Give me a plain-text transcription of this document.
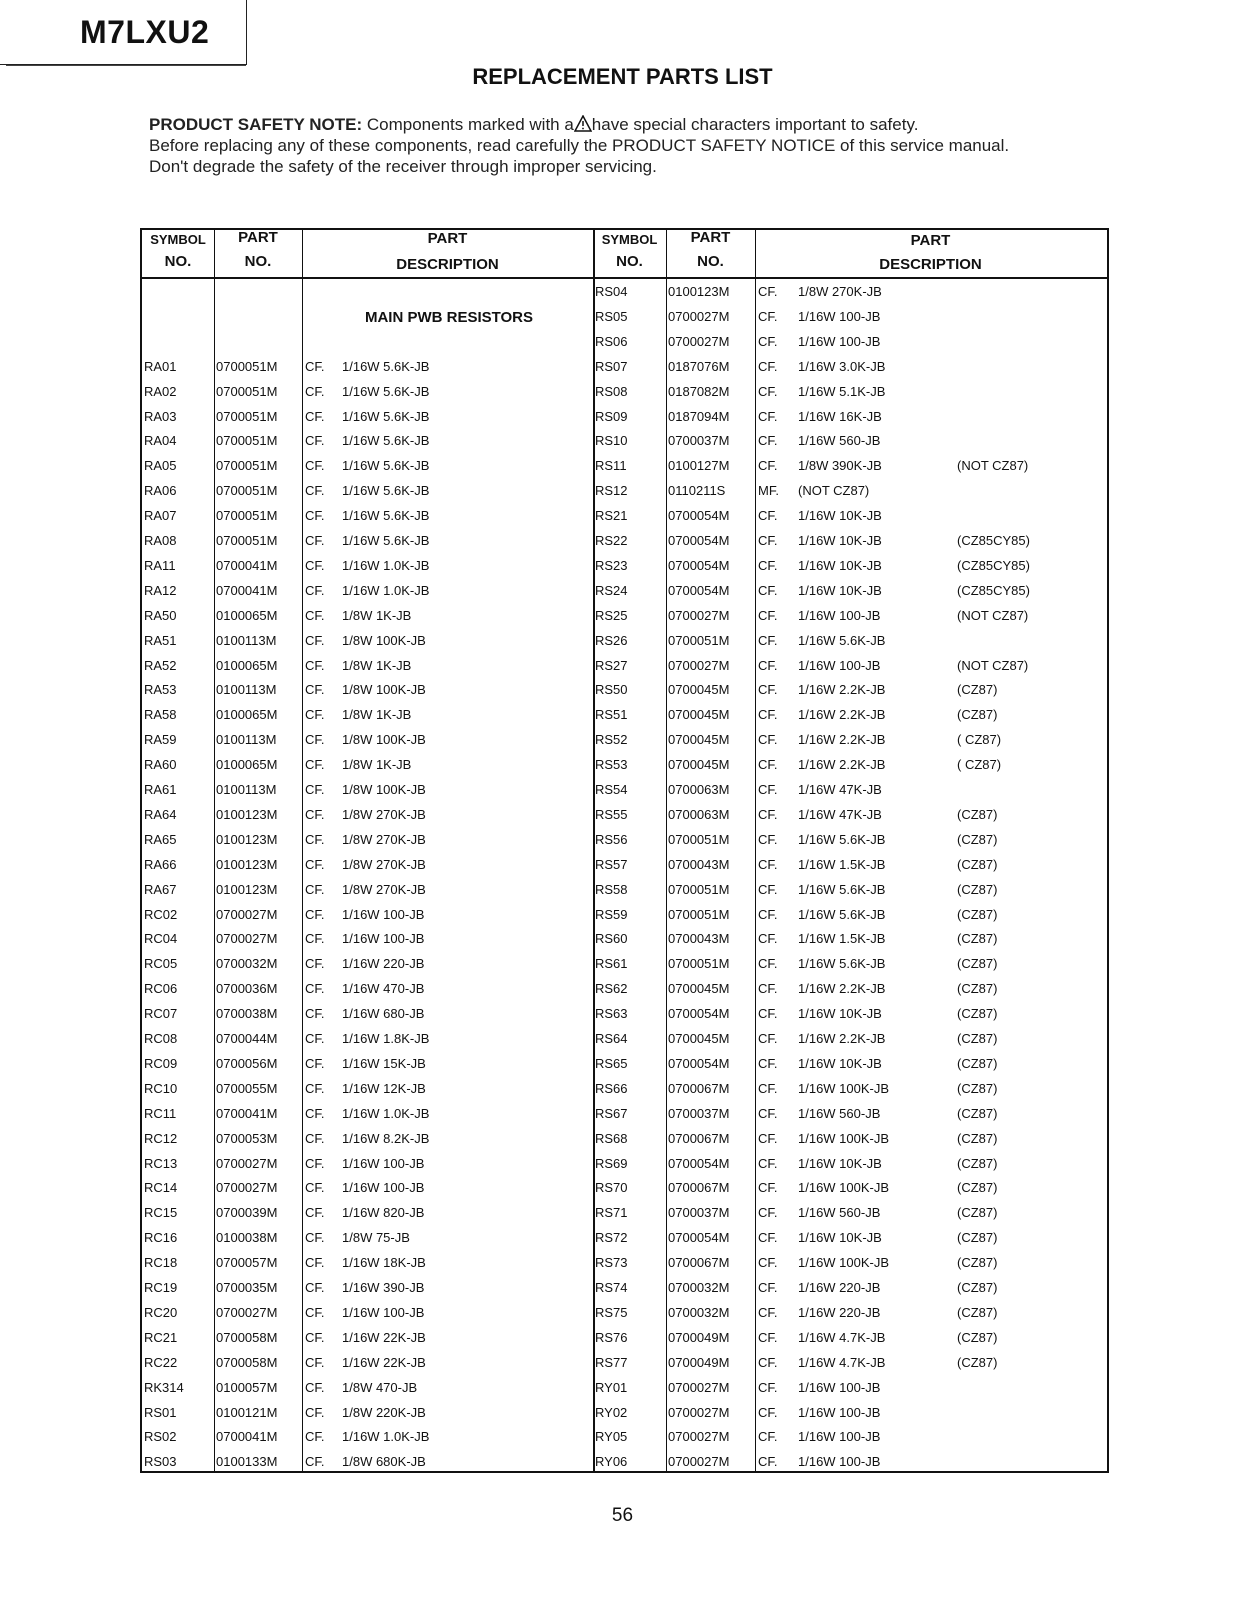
M7LXU2
REPLACEMENT PARTS LIST
PRODUCT SAFETY NOTE: Components marked with a have special characters important to safety.
Before replacing any of these components, read carefully the PRODUCT SAFETY NOTICE of this service manual.
Don't degrade the safety of the receiver through improper servicing.
SYMBOL
NO.
PART
NO.
PART
DESCRIPTION
SYMBOL
NO.
PART
NO.
PART
DESCRIPTION
MAIN PWB RESISTORS
RA01	0700051M CF. 1/16W 5.6K-JB
RA02	0700051M CF. 1/16W 5.6K-JB
RA03	0700051M CF. 1/16W 5.6K-JB
RA04	0700051M CF. 1/16W 5.6K-JB
RA05	0700051M CF. 1/16W 5.6K-JB
RA06	0700051M CF. 1/16W 5.6K-JB
RA07	0700051M CF. 1/16W 5.6K-JB
RA08	0700051M CF. 1/16W 5.6K-JB
RA11	0700041M CF. 1/16W 1.0K-JB
RA12	0700041M CF. 1/16W 1.0K-JB
RA50	0100065M CF. 1/8W 1K-JB
RA51	0100113M CF. 1/8W 100K-JB
RA52	0100065M CF. 1/8W 1K-JB
RA53	0100113M CF. 1/8W 100K-JB
RA58	0100065M CF. 1/8W 1K-JB
RA59	0100113M CF. 1/8W 100K-JB
RA60	0100065M CF. 1/8W 1K-JB
RA61	0100113M CF. 1/8W 100K-JB
RA64	0100123M CF. 1/8W 270K-JB
RA65	0100123M CF. 1/8W 270K-JB
RA66	0100123M CF. 1/8W 270K-JB
RA67	0100123M CF. 1/8W 270K-JB
RC02	0700027M CF. 1/16W 100-JB
RC04	0700027M CF. 1/16W 100-JB
RC05	0700032M CF. 1/16W 220-JB
RC06	0700036M CF. 1/16W 470-JB
RC07	0700038M CF. 1/16W 680-JB
RC08	0700044M CF. 1/16W 1.8K-JB
RC09	0700056M CF. 1/16W 15K-JB
RC10	0700055M CF. 1/16W 12K-JB
RC11	0700041M CF. 1/16W 1.0K-JB
RC12	0700053M CF. 1/16W 8.2K-JB
RC13	0700027M CF. 1/16W 100-JB
RC14	0700027M CF. 1/16W 100-JB
RC15	0700039M CF. 1/16W 820-JB
RC16	0100038M CF. 1/8W 75-JB
RC18	0700057M CF. 1/16W 18K-JB
RC19	0700035M CF. 1/16W 390-JB
RC20	0700027M CF. 1/16W 100-JB
RC21	0700058M CF. 1/16W 22K-JB
RC22	0700058M CF. 1/16W 22K-JB
RK314 0100057M CF. 1/8W 470-JB
RS01	0100121M CF. 1/8W 220K-JB
RS02	0700041M CF. 1/16W 1.0K-JB
RS03	0100133M CF. 1/8W 680K-JB
RS04	0100123M CF. 1/8W 270K-JB
RS05	0700027M CF. 1/16W 100-JB
RS06	0700027M CF. 1/16W 100-JB
RS07	0187076M CF. 1/16W 3.0K-JB
RS08	0187082M CF. 1/16W 5.1K-JB
RS09	0187094M CF. 1/16W 16K-JB
RS10	0700037M CF. 1/16W 560-JB
RS11	0100127M CF. 1/8W 390K-JB	(NOT CZ87)
RS12	0110211S	MF. (NOT CZ87)
RS21	0700054M CF. 1/16W 10K-JB
RS22	0700054M CF. 1/16W 10K-JB	(CZ85CY85)
RS23	0700054M CF. 1/16W 10K-JB	(CZ85CY85)
RS24	0700054M CF. 1/16W 10K-JB	(CZ85CY85)
RS25	0700027M CF. 1/16W 100-JB	(NOT CZ87)
RS26	0700051M CF. 1/16W 5.6K-JB
RS27	0700027M CF. 1/16W 100-JB	(NOT CZ87)
RS50	0700045M CF. 1/16W 2.2K-JB	(CZ87)
RS51	0700045M CF. 1/16W 2.2K-JB	(CZ87)
RS52	0700045M CF. 1/16W 2.2K-JB	( CZ87)
RS53	0700045M CF. 1/16W 2.2K-JB	( CZ87)
RS54	0700063M CF. 1/16W 47K-JB
RS55	0700063M CF. 1/16W 47K-JB	(CZ87)
RS56	0700051M CF. 1/16W 5.6K-JB	(CZ87)
RS57	0700043M CF. 1/16W 1.5K-JB	(CZ87)
RS58	0700051M CF. 1/16W 5.6K-JB	(CZ87)
RS59	0700051M CF. 1/16W 5.6K-JB	(CZ87)
RS60	0700043M CF. 1/16W 1.5K-JB	(CZ87)
RS61	0700051M CF. 1/16W 5.6K-JB	(CZ87)
RS62	0700045M CF. 1/16W 2.2K-JB	(CZ87)
RS63	0700054M CF. 1/16W 10K-JB	(CZ87)
RS64	0700045M CF. 1/16W 2.2K-JB	(CZ87)
RS65	0700054M CF. 1/16W 10K-JB	(CZ87)
RS66	0700067M CF. 1/16W 100K-JB	(CZ87)
RS67	0700037M CF. 1/16W 560-JB	(CZ87)
RS68	0700067M CF. 1/16W 100K-JB	(CZ87)
RS69	0700054M CF. 1/16W 10K-JB	(CZ87)
RS70	0700067M CF. 1/16W 100K-JB	(CZ87)
RS71	0700037M CF. 1/16W 560-JB	(CZ87)
RS72	0700054M CF. 1/16W 10K-JB	(CZ87)
RS73	0700067M CF. 1/16W 100K-JB	(CZ87)
RS74	0700032M CF. 1/16W 220-JB	(CZ87)
RS75	0700032M CF. 1/16W 220-JB	(CZ87)
RS76	0700049M CF. 1/16W 4.7K-JB	(CZ87)
RS77	0700049M CF. 1/16W 4.7K-JB	(CZ87)
RY01	0700027M CF. 1/16W 100-JB
RY02	0700027M CF. 1/16W 100-JB
RY05	0700027M CF. 1/16W 100-JB
RY06	0700027M CF. 1/16W 100-JB
56
